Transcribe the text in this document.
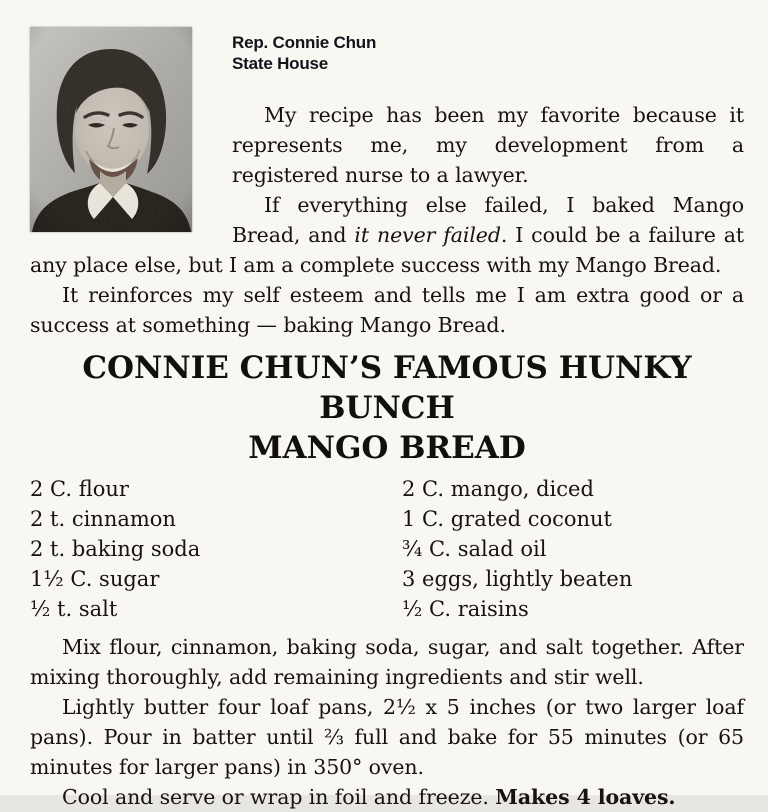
Rep. Connie Chun
State House

My recipe has been my favorite because it represents me, my development from a registered nurse to a lawyer.

If everything else failed, I baked Mango Bread, and it never failed. I could be a failure at any place else, but I am a complete success with my Mango Bread.

It reinforces my self esteem and tells me I am extra good or a success at something — baking Mango Bread.

CONNIE CHUN’S FAMOUS HUNKY BUNCH
MANGO BREAD
2 C. flour
2 t. cinnamon
2 t. baking soda
1½ C. sugar
½ t. salt
2 C. mango, diced
1 C. grated coconut
¾ C. salad oil
3 eggs, lightly beaten
½ C. raisins

Mix flour, cinnamon, baking soda, sugar, and salt together. After mixing thoroughly, add remaining ingredients and stir well.

Lightly butter four loaf pans, 2½ x 5 inches (or two larger loaf pans). Pour in batter until ⅔ full and bake for 55 minutes (or 65 minutes for larger pans) in 350° oven.

Cool and serve or wrap in foil and freeze. Makes 4 loaves.
